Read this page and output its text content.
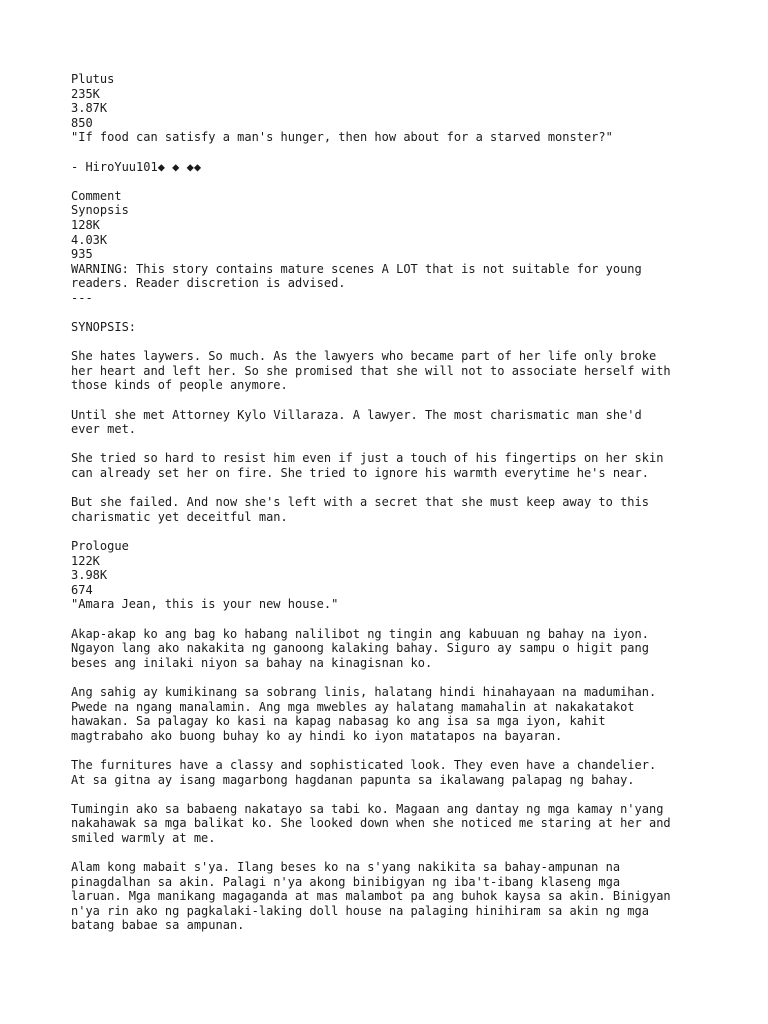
Plutus
235K
3.87K
850
"If food can satisfy a man's hunger, then how about for a starved monster?"
- HiroYuu101◆ ◆ ◆◆
Comment
Synopsis
128K
4.03K
935
WARNING: This story contains mature scenes A LOT that is not suitable for young
readers. Reader discretion is advised.
---
SYNOPSIS:
She hates laywers. So much. As the lawyers who became part of her life only broke
her heart and left her. So she promised that she will not to associate herself with
those kinds of people anymore.
Until she met Attorney Kylo Villaraza. A lawyer. The most charismatic man she'd
ever met.
She tried so hard to resist him even if just a touch of his fingertips on her skin
can already set her on fire. She tried to ignore his warmth everytime he's near.
But she failed. And now she's left with a secret that she must keep away to this
charismatic yet deceitful man.
Prologue
122K
3.98K
674
"Amara Jean, this is your new house."
Akap-akap ko ang bag ko habang nalilibot ng tingin ang kabuuan ng bahay na iyon.
Ngayon lang ako nakakita ng ganoong kalaking bahay. Siguro ay sampu o higit pang
beses ang inilaki niyon sa bahay na kinagisnan ko.
Ang sahig ay kumikinang sa sobrang linis, halatang hindi hinahayaan na madumihan.
Pwede na ngang manalamin. Ang mga mwebles ay halatang mamahalin at nakakatakot
hawakan. Sa palagay ko kasi na kapag nabasag ko ang isa sa mga iyon, kahit
magtrabaho ako buong buhay ko ay hindi ko iyon matatapos na bayaran.
The furnitures have a classy and sophisticated look. They even have a chandelier.
At sa gitna ay isang magarbong hagdanan papunta sa ikalawang palapag ng bahay.
Tumingin ako sa babaeng nakatayo sa tabi ko. Magaan ang dantay ng mga kamay n'yang
nakahawak sa mga balikat ko. She looked down when she noticed me staring at her and
smiled warmly at me.
Alam kong mabait s'ya. Ilang beses ko na s'yang nakikita sa bahay-ampunan na
pinagdalhan sa akin. Palagi n'ya akong binibigyan ng iba't-ibang klaseng mga
laruan. Mga manikang magaganda at mas malambot pa ang buhok kaysa sa akin. Binigyan
n'ya rin ako ng pagkalaki-laking doll house na palaging hinihiram sa akin ng mga
batang babae sa ampunan.
